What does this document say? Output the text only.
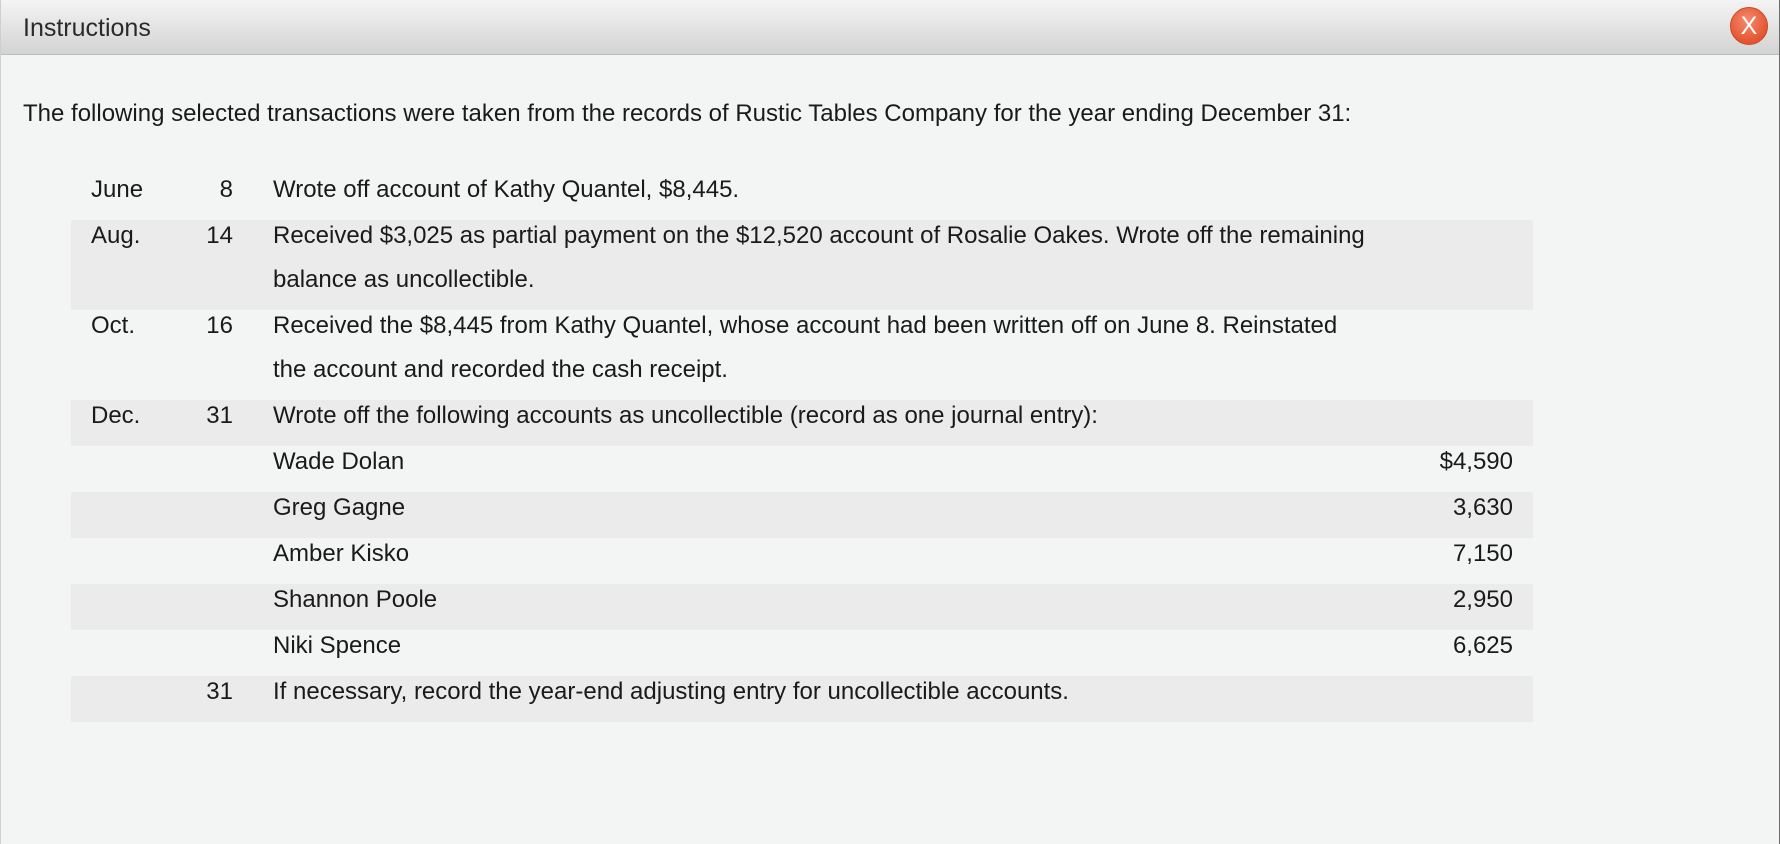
Instructions	X
The following selected transactions were taken from the records of Rustic Tables Company for the year ending December 31:
June	8 Wrote off account of Kathy Quantel, $8,445.
Aug.	14 Received $3,025 as partial payment on the $12,520 account of Rosalie Oakes. Wrote off the remaining
balance as uncollectible.
Oct.	16 Received the $8,445 from Kathy Quantel, whose account had been written off on June 8. Reinstated
the account and recorded the cash receipt.
Dec.	31 Wrote off the following accounts as uncollectible (record as one journal entry):
Wade Dolan	$4,590
Greg Gagne	3,630
Amber Kisko	7,150
Shannon Poole	2,950
Niki Spence	6,625
31 If necessary, record the year-end adjusting entry for uncollectible accounts.
